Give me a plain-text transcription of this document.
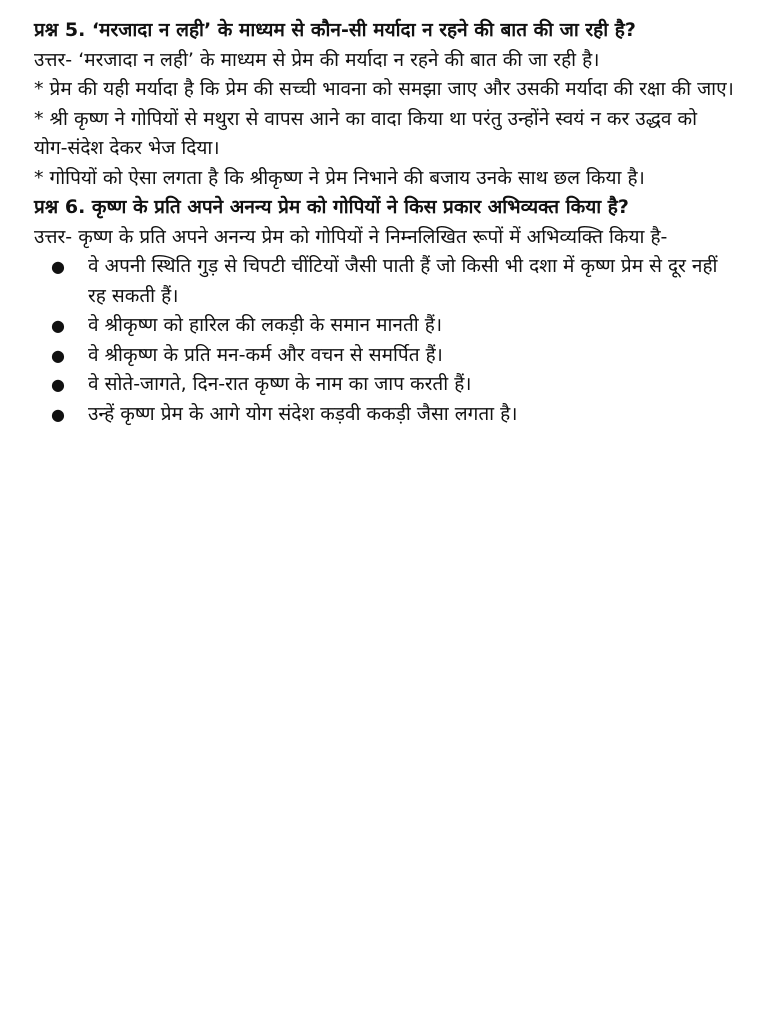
प्रश्न 5. ‘मरजादा न लही’ के माध्यम से कौन-सी मर्यादा न रहने की बात की जा रही है?

उत्तर- ‘मरजादा न लही’ के माध्यम से प्रेम की मर्यादा न रहने की बात की जा रही है।

* प्रेम की यही मर्यादा है कि प्रेम की सच्ची भावना को समझा जाए और उसकी मर्यादा की रक्षा की जाए।

* श्री कृष्ण ने गोपियों से मथुरा से वापस आने का वादा किया था परंतु उन्होंने स्वयं न कर उद्धव को योग-संदेश देकर भेज दिया।

* गोपियों को ऐसा लगता है कि श्रीकृष्ण ने प्रेम निभाने की बजाय उनके साथ छल किया है।

प्रश्न 6. कृष्ण के प्रति अपने अनन्य प्रेम को गोपियों ने किस प्रकार अभिव्यक्त किया है?

उत्तर- कृष्ण के प्रति अपने अनन्य प्रेम को गोपियों ने निम्नलिखित रूपों में अभिव्यक्ति किया है-

● वे अपनी स्थिति गुड़ से चिपटी चींटियों जैसी पाती हैं जो किसी भी दशा में कृष्ण प्रेम से दूर नहीं रह सकती हैं।
● वे श्रीकृष्ण को हारिल की लकड़ी के समान मानती हैं।
● वे श्रीकृष्ण के प्रति मन-कर्म और वचन से समर्पित हैं।
● वे सोते-जागते, दिन-रात कृष्ण के नाम का जाप करती हैं।
● उन्हें कृष्ण प्रेम के आगे योग संदेश कड़वी ककड़ी जैसा लगता है।
